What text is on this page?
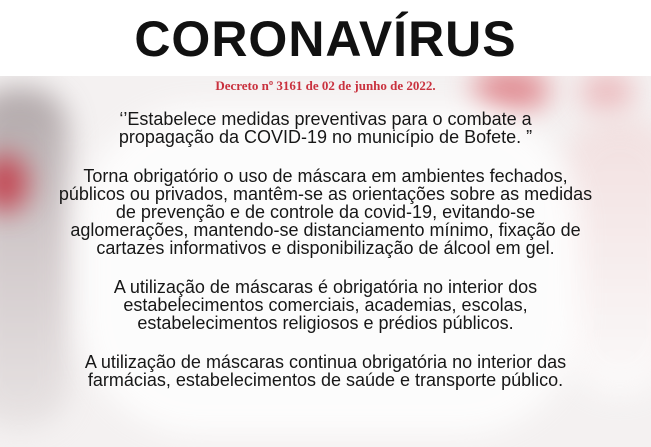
CORONAVÍRUS

Decreto nº 3161 de 02 de junho de 2022.

‘’Estabelece medidas preventivas para o combate a
propagação da COVID-19 no município de Bofete. ”

Torna obrigatório o uso de máscara em ambientes fechados,
públicos ou privados, mantêm-se as orientações sobre as medidas
de prevenção e de controle da covid-19, evitando-se
aglomerações, mantendo-se distanciamento mínimo, fixação de
cartazes informativos e disponibilização de álcool em gel.

A utilização de máscaras é obrigatória no interior dos
estabelecimentos comerciais, academias, escolas,
estabelecimentos religiosos e prédios públicos.

A utilização de máscaras continua obrigatória no interior das
farmácias, estabelecimentos de saúde e transporte público.
